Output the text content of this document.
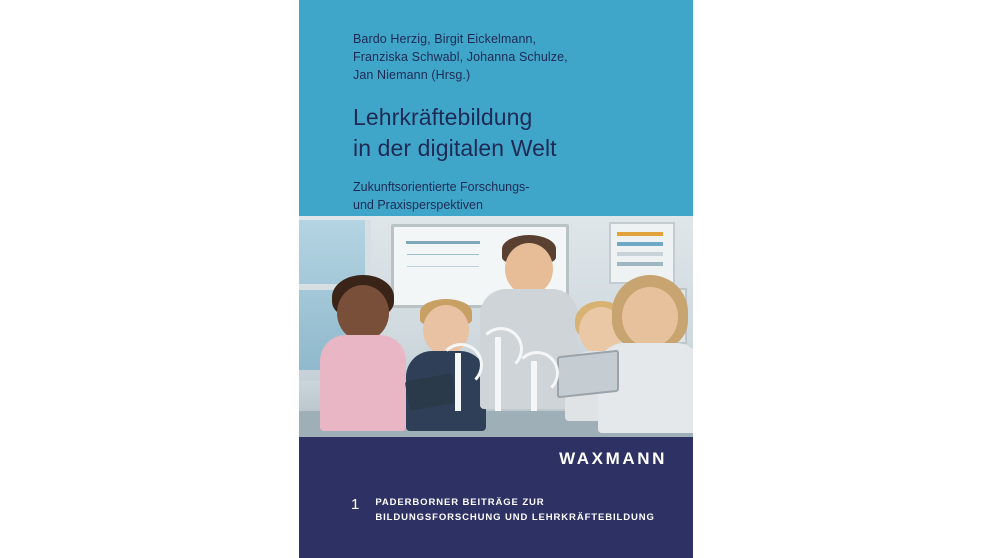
Bardo Herzig, Birgit Eickelmann,
Franziska Schwabl, Johanna Schulze,
Jan Niemann (Hrsg.)

Lehrkräftebildung
in der digitalen Welt

Zukunftsorientierte Forschungs-
und Praxisperspektiven

WAXMANN
1 PADERBORNER BEITRÄGE ZUR
BILDUNGSFORSCHUNG UND LEHRKRÄFTEBILDUNG
